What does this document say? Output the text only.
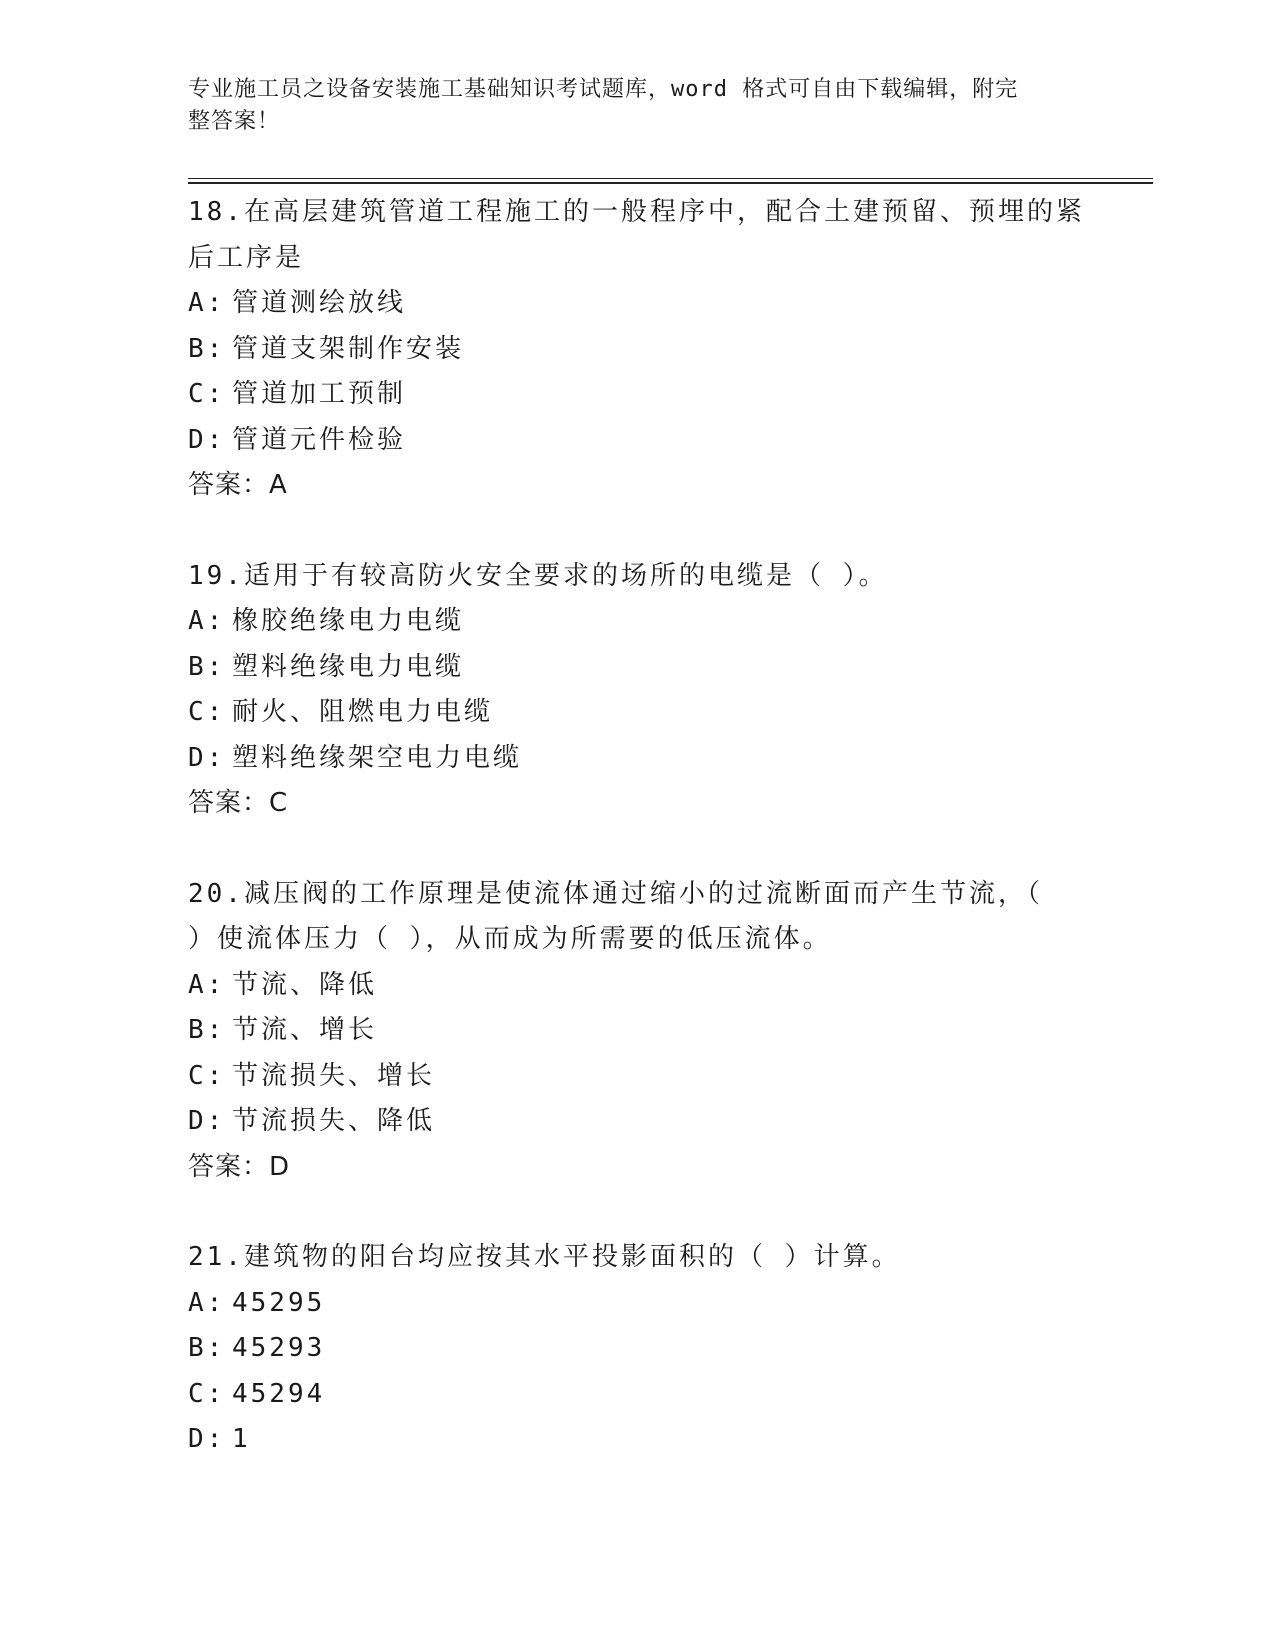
专业施工员之设备安装施工基础知识考试题库，word 格式可自由下载编辑，附完
整答案！
18.在高层建筑管道工程施工的一般程序中，配合土建预留、预埋的紧
后工序是
A: 管道测绘放线
B: 管道支架制作安装
C: 管道加工预制
D: 管道元件检验
答案：A
19.适用于有较高防火安全要求的场所的电缆是（ ）。
A: 橡胶绝缘电力电缆
B: 塑料绝缘电力电缆
C: 耐火、阻燃电力电缆
D: 塑料绝缘架空电力电缆
答案：C
20.减压阀的工作原理是使流体通过缩小的过流断面而产生节流，（
）使流体压力（ ），从而成为所需要的低压流体。
A: 节流、降低
B: 节流、增长
C: 节流损失、增长
D: 节流损失、降低
答案：D
21.建筑物的阳台均应按其水平投影面积的（ ）计算。
A: 45295
B: 45293
C: 45294
D: 1
